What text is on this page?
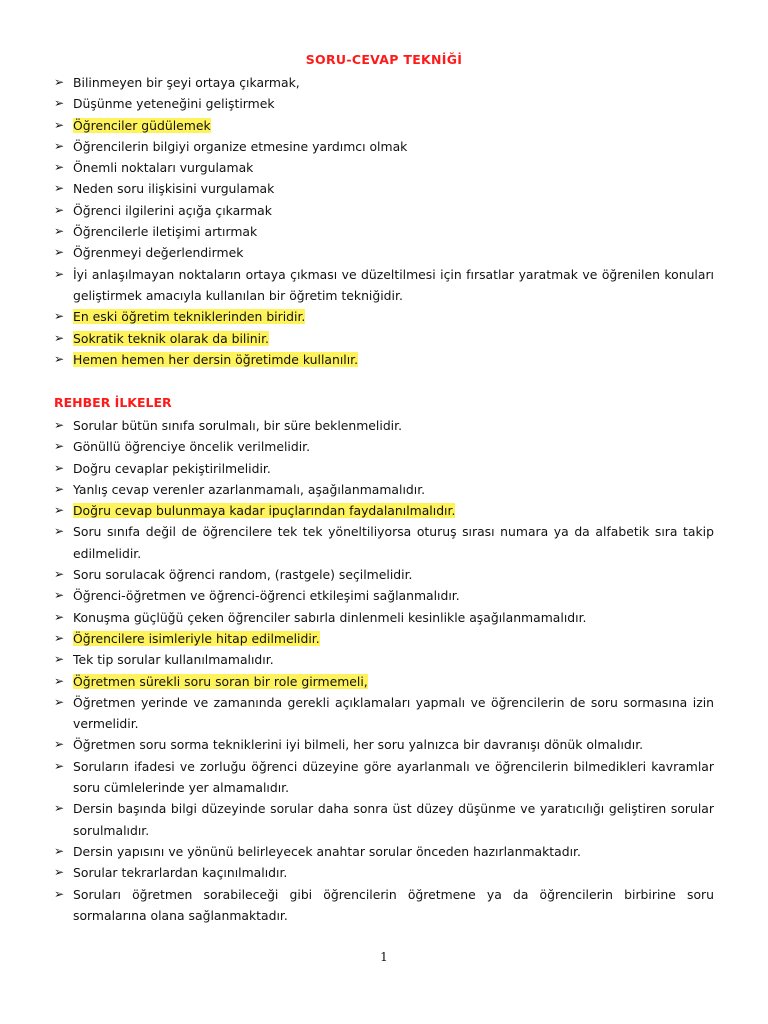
SORU-CEVAP TEKNİĞİ
➢ Bilinmeyen bir şeyi ortaya çıkarmak,
➢ Düşünme yeteneğini geliştirmek
➢ Öğrenciler güdülemek
➢ Öğrencilerin bilgiyi organize etmesine yardımcı olmak
➢ Önemli noktaları vurgulamak
➢ Neden soru ilişkisini vurgulamak
➢ Öğrenci ilgilerini açığa çıkarmak
➢ Öğrencilerle iletişimi artırmak
➢ Öğrenmeyi değerlendirmek
➢ İyi anlaşılmayan noktaların ortaya çıkması ve düzeltilmesi için fırsatlar yaratmak ve öğrenilen konuları geliştirmek amacıyla kullanılan bir öğretim tekniğidir.
➢ En eski öğretim tekniklerinden biridir.
➢ Sokratik teknik olarak da bilinir.
➢ Hemen hemen her dersin öğretimde kullanılır.
REHBER İLKELER
➢ Sorular bütün sınıfa sorulmalı, bir süre beklenmelidir.
➢ Gönüllü öğrenciye öncelik verilmelidir.
➢ Doğru cevaplar pekiştirilmelidir.
➢ Yanlış cevap verenler azarlanmamalı, aşağılanmamalıdır.
➢ Doğru cevap bulunmaya kadar ipuçlarından faydalanılmalıdır.
➢ Soru sınıfa değil de öğrencilere tek tek yöneltiliyorsa oturuş sırası numara ya da alfabetik sıra takip edilmelidir.
➢ Soru sorulacak öğrenci random, (rastgele) seçilmelidir.
➢ Öğrenci-öğretmen ve öğrenci-öğrenci etkileşimi sağlanmalıdır.
➢ Konuşma güçlüğü çeken öğrenciler sabırla dinlenmeli kesinlikle aşağılanmamalıdır.
➢ Öğrencilere isimleriyle hitap edilmelidir.
➢ Tek tip sorular kullanılmamalıdır.
➢ Öğretmen sürekli soru soran bir role girmemeli,
➢ Öğretmen yerinde ve zamanında gerekli açıklamaları yapmalı ve öğrencilerin de soru sormasına izin vermelidir.
➢ Öğretmen soru sorma tekniklerini iyi bilmeli, her soru yalnızca bir davranışı dönük olmalıdır.
➢ Soruların ifadesi ve zorluğu öğrenci düzeyine göre ayarlanmalı ve öğrencilerin bilmedikleri kavramlar soru cümlelerinde yer almamalıdır.
➢ Dersin başında bilgi düzeyinde sorular daha sonra üst düzey düşünme ve yaratıcılığı geliştiren sorular sorulmalıdır.
➢ Dersin yapısını ve yönünü belirleyecek anahtar sorular önceden hazırlanmaktadır.
➢ Sorular tekrarlardan kaçınılmalıdır.
➢ Soruları öğretmen sorabileceği gibi öğrencilerin öğretmene ya da öğrencilerin birbirine soru sormalarına olana sağlanmaktadır.
1
